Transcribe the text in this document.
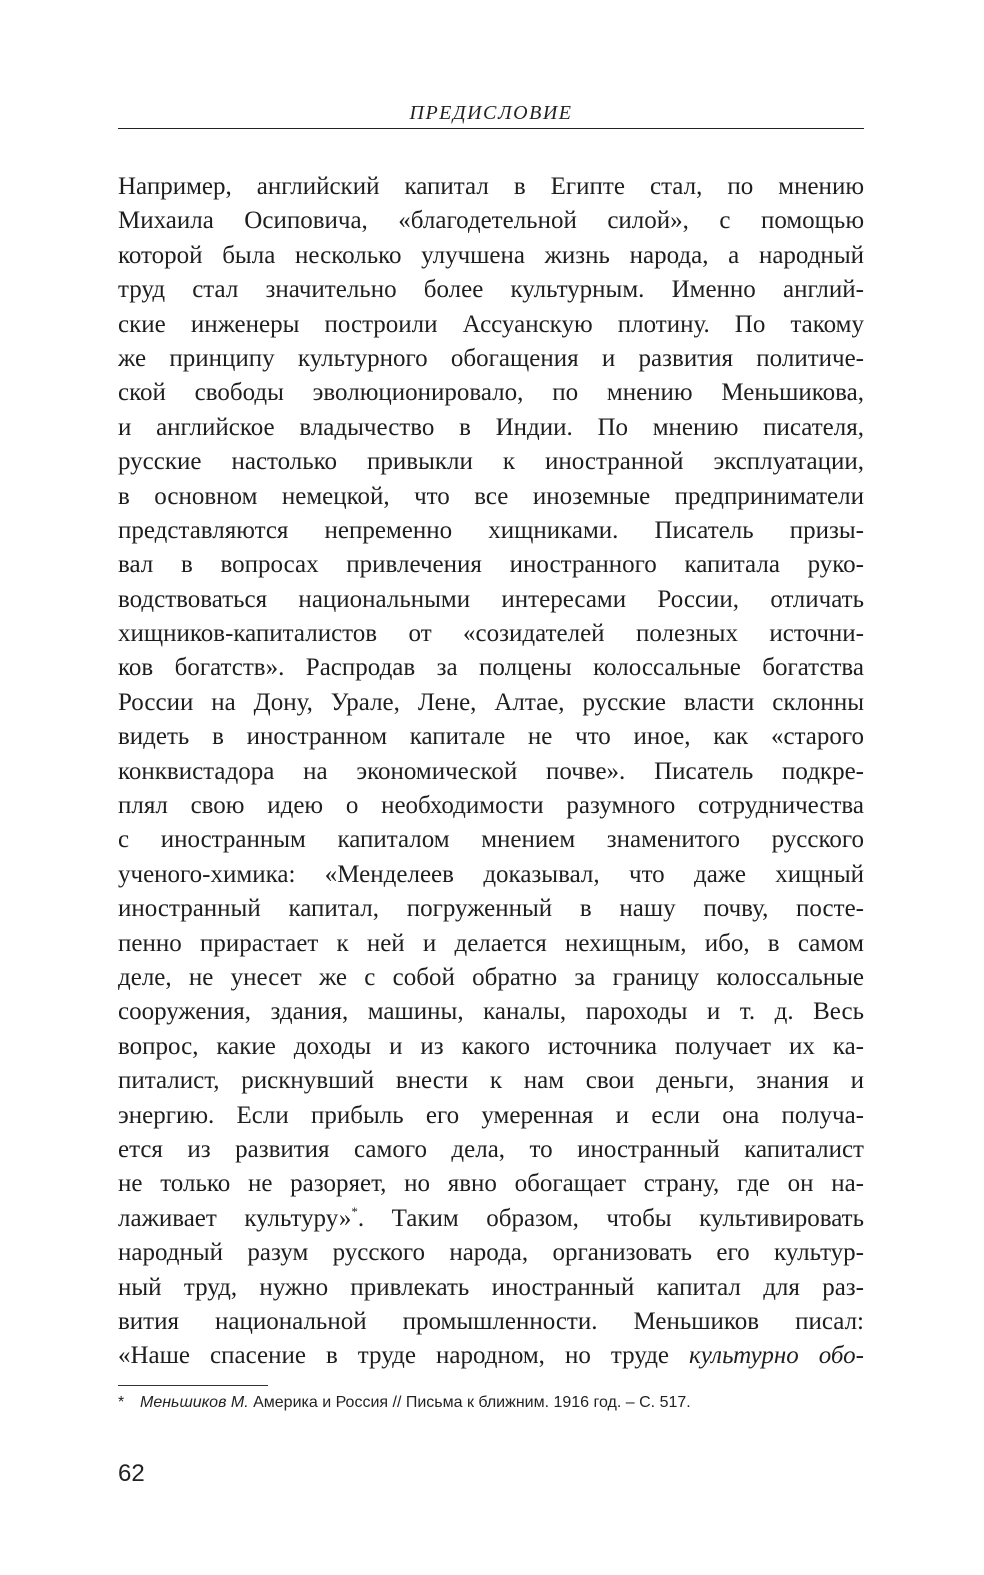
ПРЕДИСЛОВИЕ
Например, английский капитал в Египте стал, по мнению
Михаила Осиповича, «благодетельной силой», с помощью
которой была несколько улучшена жизнь народа, а народный
труд стал значительно более культурным. Именно англий-
ские инженеры построили Ассуанскую плотину. По такому
же принципу культурного обогащения и развития политиче-
ской свободы эволюционировало, по мнению Меньшикова,
и английское владычество в Индии. По мнению писателя,
русские настолько привыкли к иностранной эксплуатации,
в основном немецкой, что все иноземные предприниматели
представляются непременно хищниками. Писатель призы-
вал в вопросах привлечения иностранного капитала руко-
водствоваться национальными интересами России, отличать
хищников-капиталистов от «созидателей полезных источни-
ков богатств». Распродав за полцены колоссальные богатства
России на Дону, Урале, Лене, Алтае, русские власти склонны
видеть в иностранном капитале не что иное, как «старого
конквистадора на экономической почве». Писатель подкре-
плял свою идею о необходимости разумного сотрудничества
с иностранным капиталом мнением знаменитого русского
ученого-химика: «Менделеев доказывал, что даже хищный
иностранный капитал, погруженный в нашу почву, посте-
пенно прирастает к ней и делается нехищным, ибо, в самом
деле, не унесет же с собой обратно за границу колоссальные
сооружения, здания, машины, каналы, пароходы и т. д. Весь
вопрос, какие доходы и из какого источника получает их ка-
питалист, рискнувший внести к нам свои деньги, знания и
энергию. Если прибыль его умеренная и если она получа-
ется из развития самого дела, то иностранный капиталист
не только не разоряет, но явно обогащает страну, где он на-
лаживает культуру»*. Таким образом, чтобы культивировать
народный разум русского народа, организовать его культур-
ный труд, нужно привлекать иностранный капитал для раз-
вития национальной промышленности. Меньшиков писал:
«Наше спасение в труде народном, но труде культурно обо-
* Меньшиков М. Америка и Россия // Письма к ближним. 1916 год. – С. 517.
62
